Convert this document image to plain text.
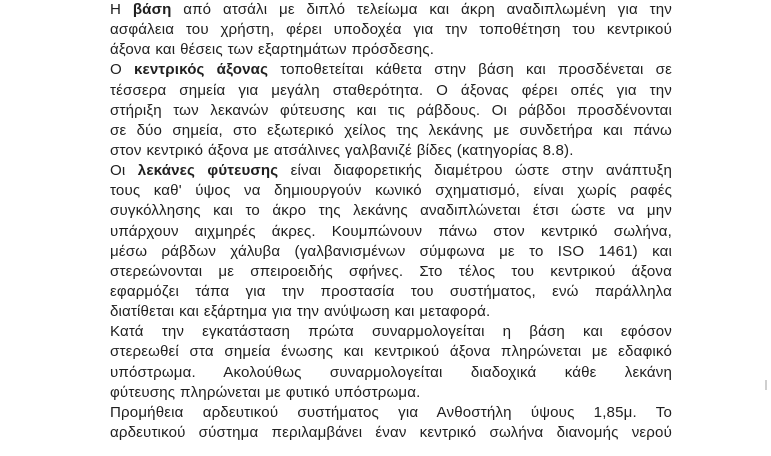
Η βάση από ατσάλι με διπλό τελείωμα και άκρη αναδιπλωμένη για την
ασφάλεια του χρήστη, φέρει υποδοχέα για την τοποθέτηση του κεντρικού
άξονα και θέσεις των εξαρτημάτων πρόσδεσης.
Ο κεντρικός άξονας τοποθετείται κάθετα στην βάση και προσδένεται σε
τέσσερα σημεία για μεγάλη σταθερότητα. Ο άξονας φέρει οπές για την
στήριξη των λεκανών φύτευσης και τις ράβδους. Οι ράβδοι προσδένονται
σε δύο σημεία, στο εξωτερικό χείλος της λεκάνης με συνδετήρα και πάνω
στον κεντρικό άξονα με ατσάλινες γαλβανιζέ βίδες (κατηγορίας 8.8).
Οι λεκάνες φύτευσης είναι διαφορετικής διαμέτρου ώστε στην ανάπτυξη
τους καθ' ύψος να δημιουργούν κωνικό σχηματισμό, είναι χωρίς ραφές
συγκόλλησης και το άκρο της λεκάνης αναδιπλώνεται έτσι ώστε να μην
υπάρχουν αιχμηρές άκρες. Κουμπώνουν πάνω στον κεντρικό σωλήνα,
μέσω ράβδων χάλυβα (γαλβανισμένων σύμφωνα με το ISO 1461) και
στερεώνονται με σπειροειδής σφήνες. Στο τέλος του κεντρικού άξονα
εφαρμόζει τάπα για την προστασία του συστήματος, ενώ παράλληλα
διατίθεται και εξάρτημα για την ανύψωση και μεταφορά.
Κατά την εγκατάσταση πρώτα συναρμολογείται η βάση και εφόσον
στερεωθεί στα σημεία ένωσης και κεντρικού άξονα πληρώνεται με εδαφικό
υπόστρωμα. Ακολούθως συναρμολογείται διαδοχικά κάθε λεκάνη
φύτευσης πληρώνεται με φυτικό υπόστρωμα.
Προμήθεια αρδευτικού συστήματος για Ανθοστήλη ύψους 1,85μ. Το
αρδευτικού σύστημα περιλαμβάνει έναν κεντρικό σωλήνα διανομής νερού
